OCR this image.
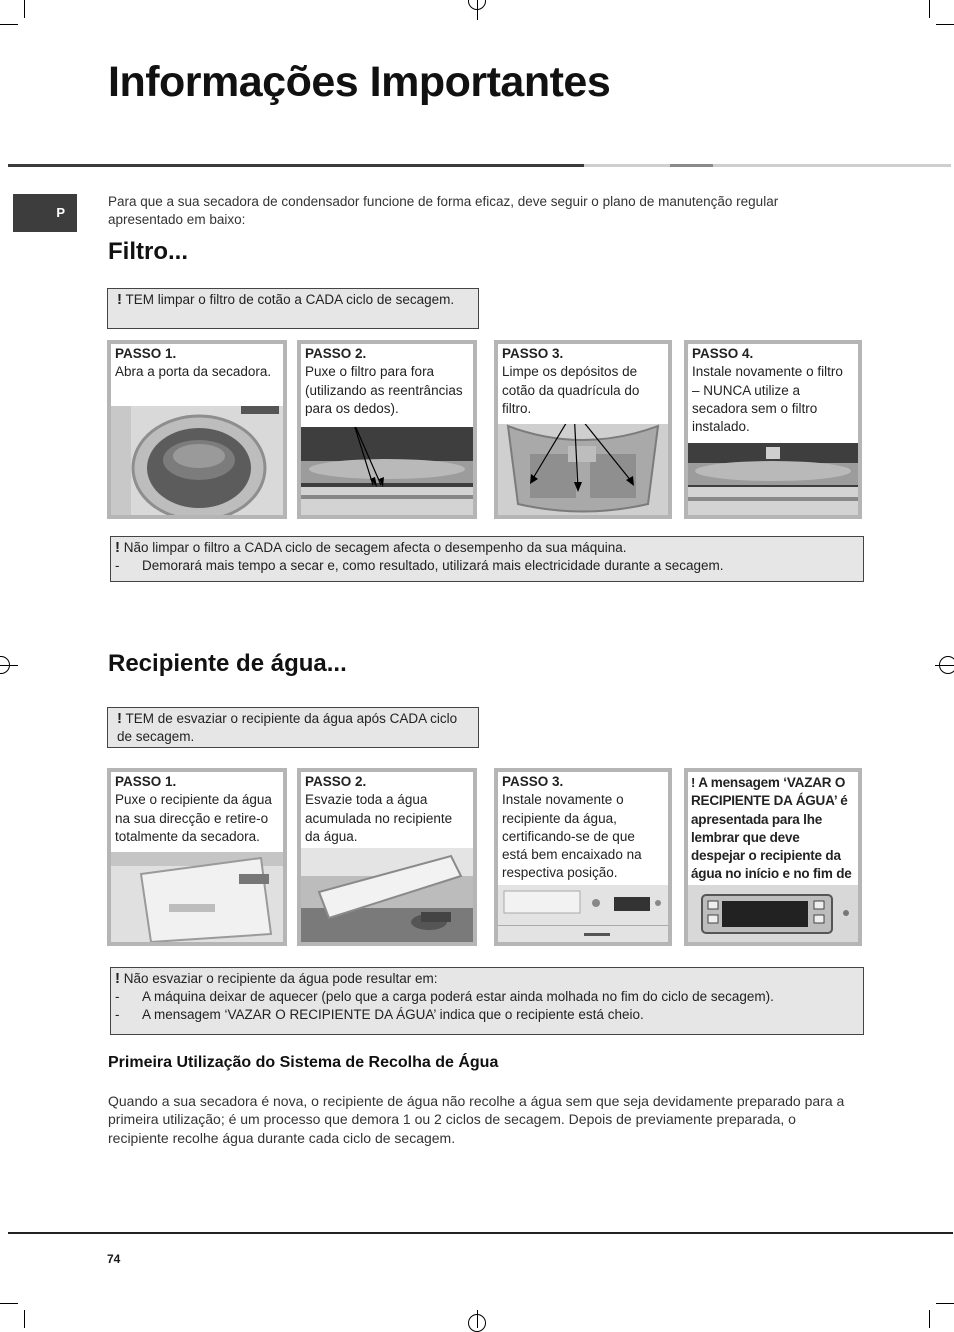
Informações Importantes
P
Para que a sua secadora de condensador funcione de forma eficaz, deve seguir o plano de manutenção regular apresentado em baixo:
Filtro...
! TEM limpar o filtro de cotão a CADA ciclo de secagem.
PASSO 1.
Abra a porta da secadora.
PASSO 2.
Puxe o filtro para fora (utilizando as reentrâncias para os dedos).
PASSO 3.
Limpe os depósitos de cotão da quadrícula do filtro.
PASSO 4.
Instale novamente o filtro – NUNCA utilize a secadora sem o filtro instalado.
! Não limpar o filtro a CADA ciclo de secagem afecta o desempenho da sua máquina.
- Demorará mais tempo a secar e, como resultado, utilizará mais electricidade durante a secagem.
Recipiente de água...
! TEM de esvaziar o recipiente da água após CADA ciclo de secagem.
PASSO 1.
Puxe o recipiente da água na sua direcção e retire-o totalmente da secadora.
PASSO 2.
Esvazie toda a água acumulada no recipiente da água.
PASSO 3.
Instale novamente o recipiente da água, certificando-se de que está bem encaixado na respectiva posição.
! A mensagem ‘VAZAR O RECIPIENTE DA ÁGUA’ é apresentada para lhe lembrar que deve despejar o recipiente da água no início e no fim de
! Não esvaziar o recipiente da água pode resultar em:
- A máquina deixar de aquecer (pelo que a carga poderá estar ainda molhada no fim do ciclo de secagem).
- A mensagem ‘VAZAR O RECIPIENTE DA ÁGUA’ indica que o recipiente está cheio.
Primeira Utilização do Sistema de Recolha de Água
Quando a sua secadora é nova, o recipiente de água não recolhe a água sem que seja devidamente preparado para a primeira utilização; é um processo que demora 1 ou 2 ciclos de secagem. Depois de previamente preparada, o recipiente recolhe água durante cada ciclo de secagem.
74
